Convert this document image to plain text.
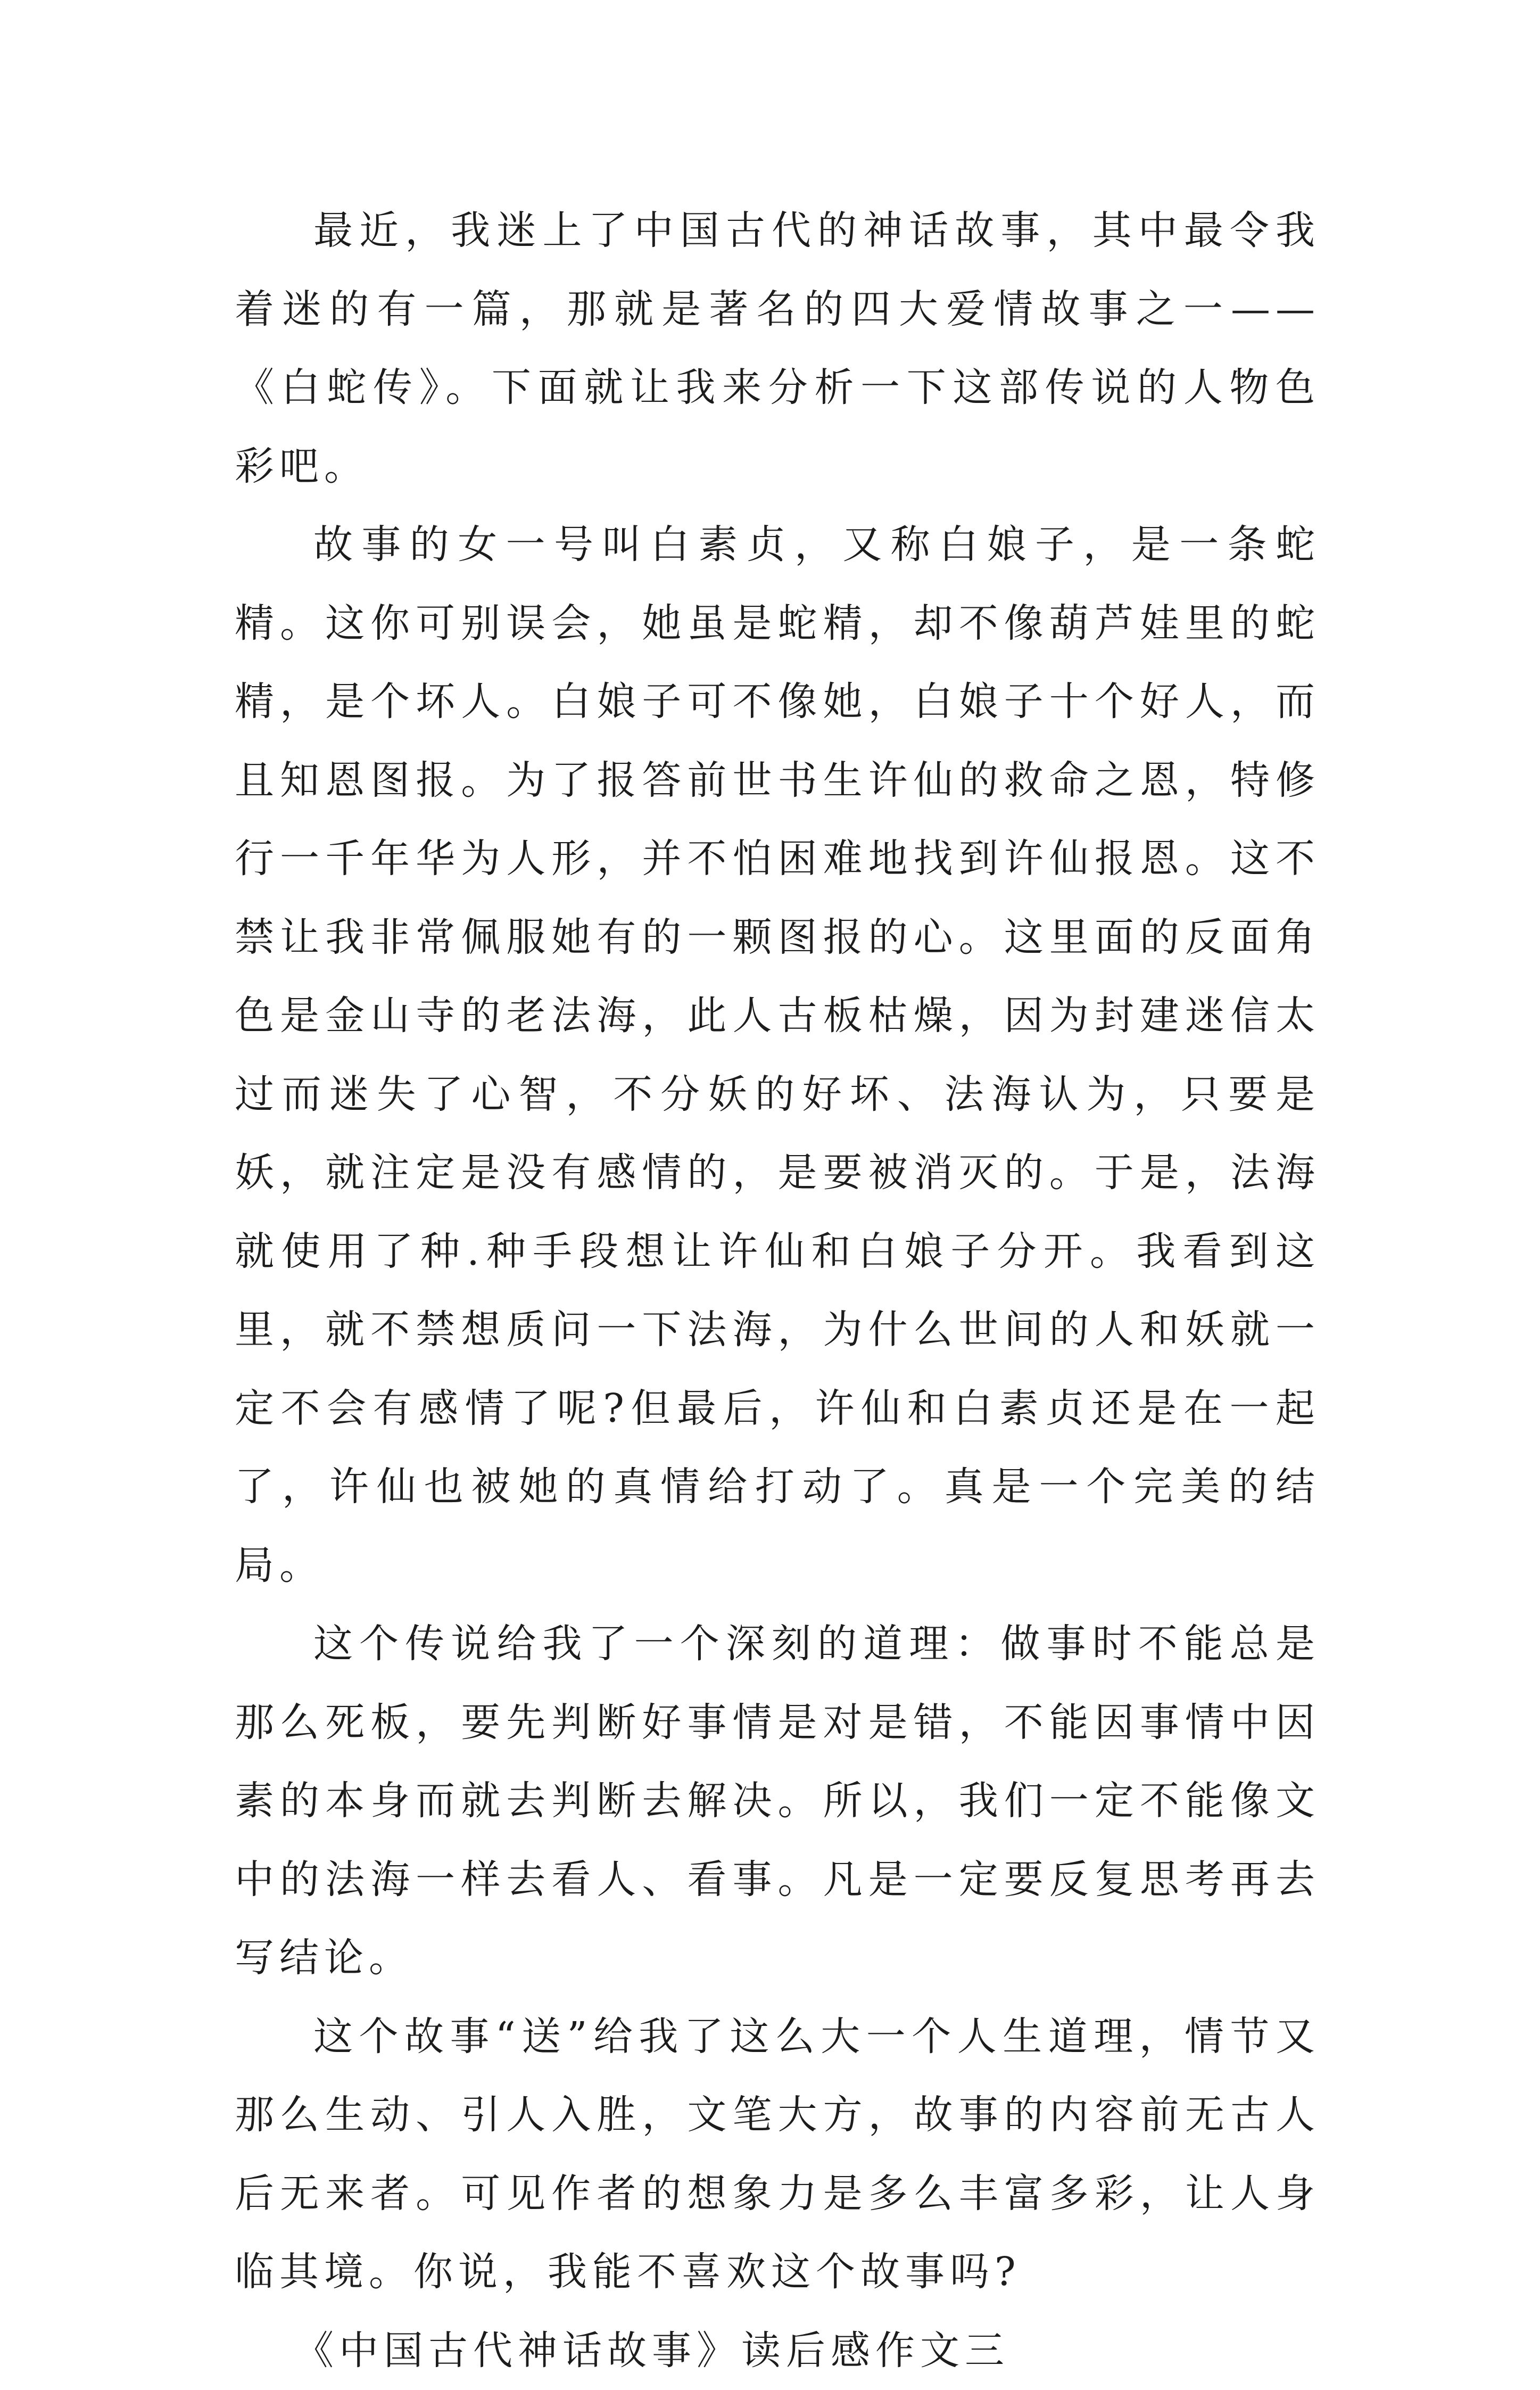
最近，我迷上了中国古代的神话故事，其中最令我着迷的有一篇，那就是著名的四大爱情故事之一——《白蛇传》。下面就让我来分析一下这部传说的人物色彩吧。

故事的女一号叫白素贞，又称白娘子，是一条蛇精。这你可别误会，她虽是蛇精，却不像葫芦娃里的蛇精，是个坏人。白娘子可不像她，白娘子十个好人，而且知恩图报。为了报答前世书生许仙的救命之恩，特修行一千年华为人形，并不怕困难地找到许仙报恩。这不禁让我非常佩服她有的一颗图报的心。这里面的反面角色是金山寺的老法海，此人古板枯燥，因为封建迷信太过而迷失了心智，不分妖的好坏、法海认为，只要是妖，就注定是没有感情的，是要被消灭的。于是，法海就使用了种.种手段想让许仙和白娘子分开。我看到这里，就不禁想质问一下法海，为什么世间的人和妖就一定不会有感情了呢?但最后，许仙和白素贞还是在一起了，许仙也被她的真情给打动了。真是一个完美的结局。

这个传说给我了一个深刻的道理：做事时不能总是那么死板，要先判断好事情是对是错，不能因事情中因素的本身而就去判断去解决。所以，我们一定不能像文中的法海一样去看人、看事。凡是一定要反复思考再去写结论。

这个故事“送”给我了这么大一个人生道理，情节又那么生动、引人入胜，文笔大方，故事的内容前无古人后无来者。可见作者的想象力是多么丰富多彩，让人身临其境。你说，我能不喜欢这个故事吗?

《中国古代神话故事》读后感作文三
